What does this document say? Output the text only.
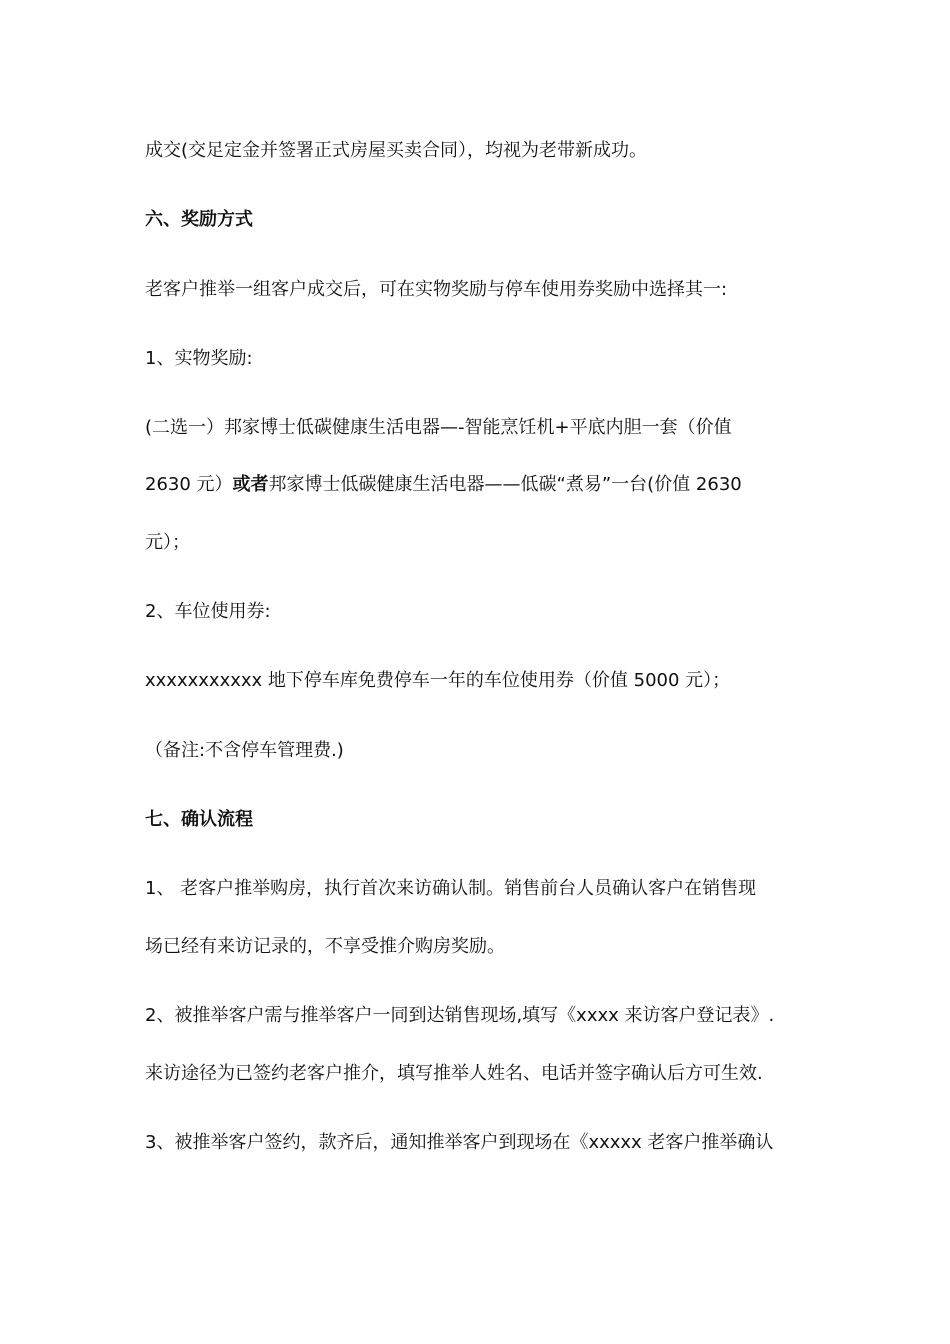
成交(交足定金并签署正式房屋买卖合同），均视为老带新成功。

六、奖励方式

老客户推举一组客户成交后，可在实物奖励与停车使用券奖励中选择其一:

1、实物奖励:

(二选一）邦家博士低碳健康生活电器—-智能烹饪机+平底内胆一套（价值

2630 元）或者邦家博士低碳健康生活电器——低碳“煮易”一台(价值 2630

元）；

2、车位使用券:

xxxxxxxxxxx 地下停车库免费停车一年的车位使用券（价值 5000 元）；

（备注:不含停车管理费.)

七、确认流程

1、 老客户推举购房，执行首次来访确认制。销售前台人员确认客户在销售现

场已经有来访记录的，不享受推介购房奖励。

2、被推举客户需与推举客户一同到达销售现场,填写《xxxx 来访客户登记表》.

来访途径为已签约老客户推介，填写推举人姓名、电话并签字确认后方可生效.

3、被推举客户签约，款齐后，通知推举客户到现场在《xxxxx 老客户推举确认
